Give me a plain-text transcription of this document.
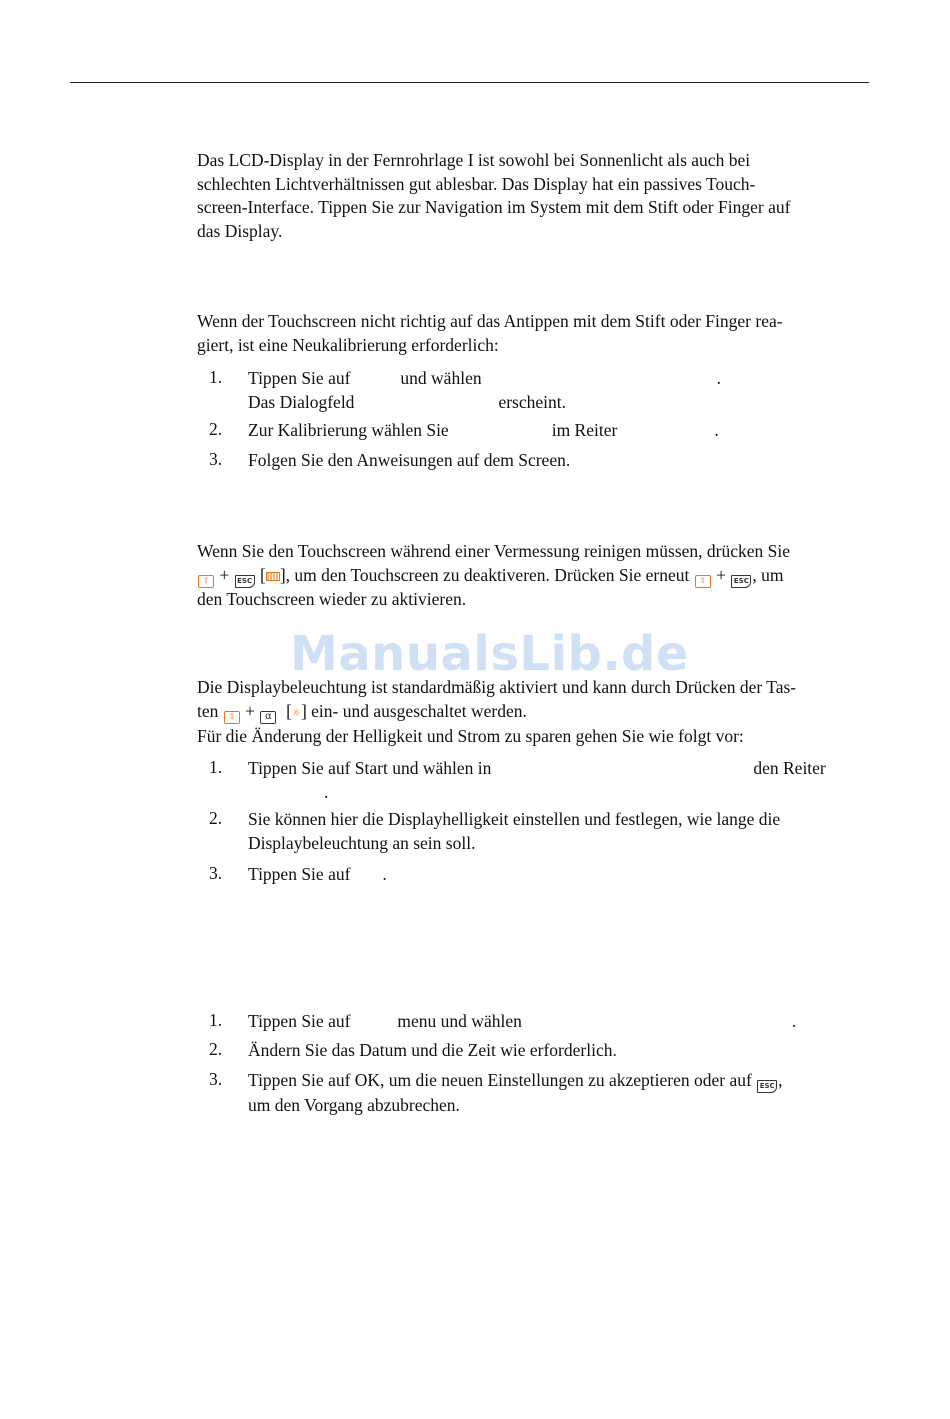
Das LCD-Display in der Fernrohrlage I ist sowohl bei Sonnenlicht als auch bei
schlechten Lichtverhältnissen gut ablesbar. Das Display hat ein passives Touch-
screen-Interface. Tippen Sie zur Navigation im System mit dem Stift oder Finger auf
das Display.

Wenn der Touchscreen nicht richtig auf das Antippen mit dem Stift oder Finger rea-
giert, ist eine Neukalibrierung erforderlich:

1. Tippen Sie auf	und wählen	.
Das Dialogfeld	erscheint.
2. Zur Kalibrierung wählen Sie	im Reiter	.
3. Folgen Sie den Anweisungen auf dem Screen.

Wenn Sie den Touchscreen während einer Vermessung reinigen müssen, drücken Sie
⇧ + ESC [ ], um den Touchscreen zu deaktiveren. Drücken Sie erneut ⇧ + ESC , um
den Touchscreen wieder zu aktivieren.

ManualsLib.de

Die Displaybeleuchtung ist standardmäßig aktiviert und kann durch Drücken der Tas-
ten ⇧ + α [☼] ein- und ausgeschaltet werden.
Für die Änderung der Helligkeit und Strom zu sparen gehen Sie wie folgt vor:

1. Tippen Sie auf Start und wählen in	den Reiter
.
2. Sie können hier die Displayhelligkeit einstellen und festlegen, wie lange die
Displaybeleuchtung an sein soll.
3. Tippen Sie auf .
1. Tippen Sie auf	menu und wählen	.
2. Ändern Sie das Datum und die Zeit wie erforderlich.
3. Tippen Sie auf OK, um die neuen Einstellungen zu akzeptieren oder auf ESC ,
um den Vorgang abzubrechen.
